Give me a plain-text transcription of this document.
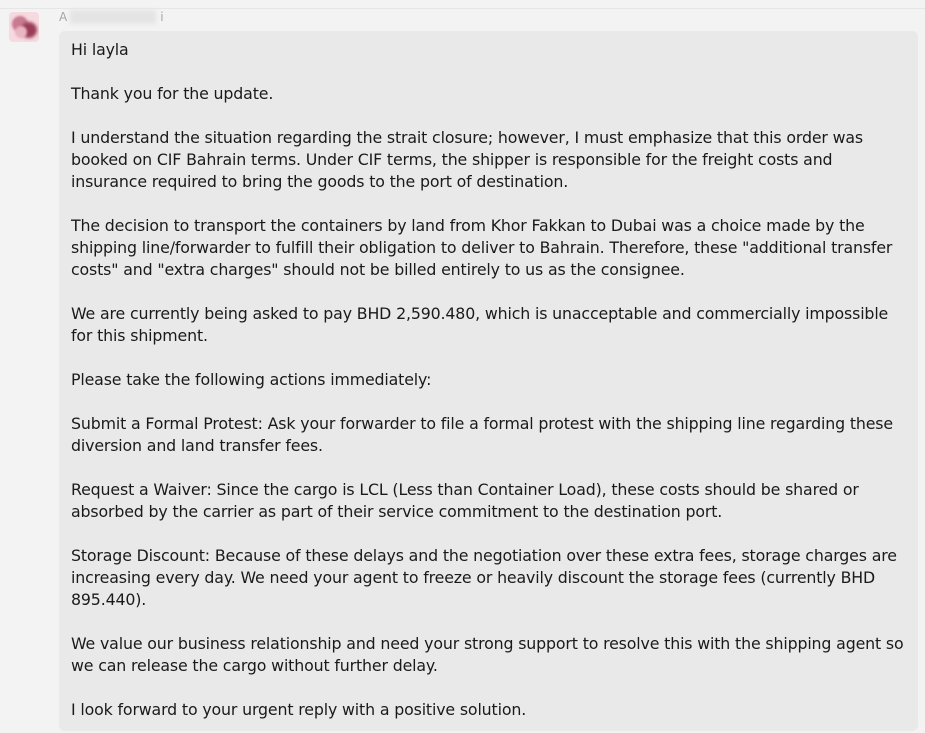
A	i

Hi layla

Thank you for the update.

I understand the situation regarding the strait closure; however, I must emphasize that this order was booked on CIF Bahrain terms. Under CIF terms, the shipper is responsible for the freight costs and insurance required to bring the goods to the port of destination.

The decision to transport the containers by land from Khor Fakkan to Dubai was a choice made by the shipping line/forwarder to fulfill their obligation to deliver to Bahrain. Therefore, these "additional transfer costs" and "extra charges" should not be billed entirely to us as the consignee.

We are currently being asked to pay BHD 2,590.480, which is unacceptable and commercially impossible for this shipment.

Please take the following actions immediately:

Submit a Formal Protest: Ask your forwarder to file a formal protest with the shipping line regarding these diversion and land transfer fees.

Request a Waiver: Since the cargo is LCL (Less than Container Load), these costs should be shared or absorbed by the carrier as part of their service commitment to the destination port.

Storage Discount: Because of these delays and the negotiation over these extra fees, storage charges are increasing every day. We need your agent to freeze or heavily discount the storage fees (currently BHD 895.440).

We value our business relationship and need your strong support to resolve this with the shipping agent so we can release the cargo without further delay.

I look forward to your urgent reply with a positive solution.
